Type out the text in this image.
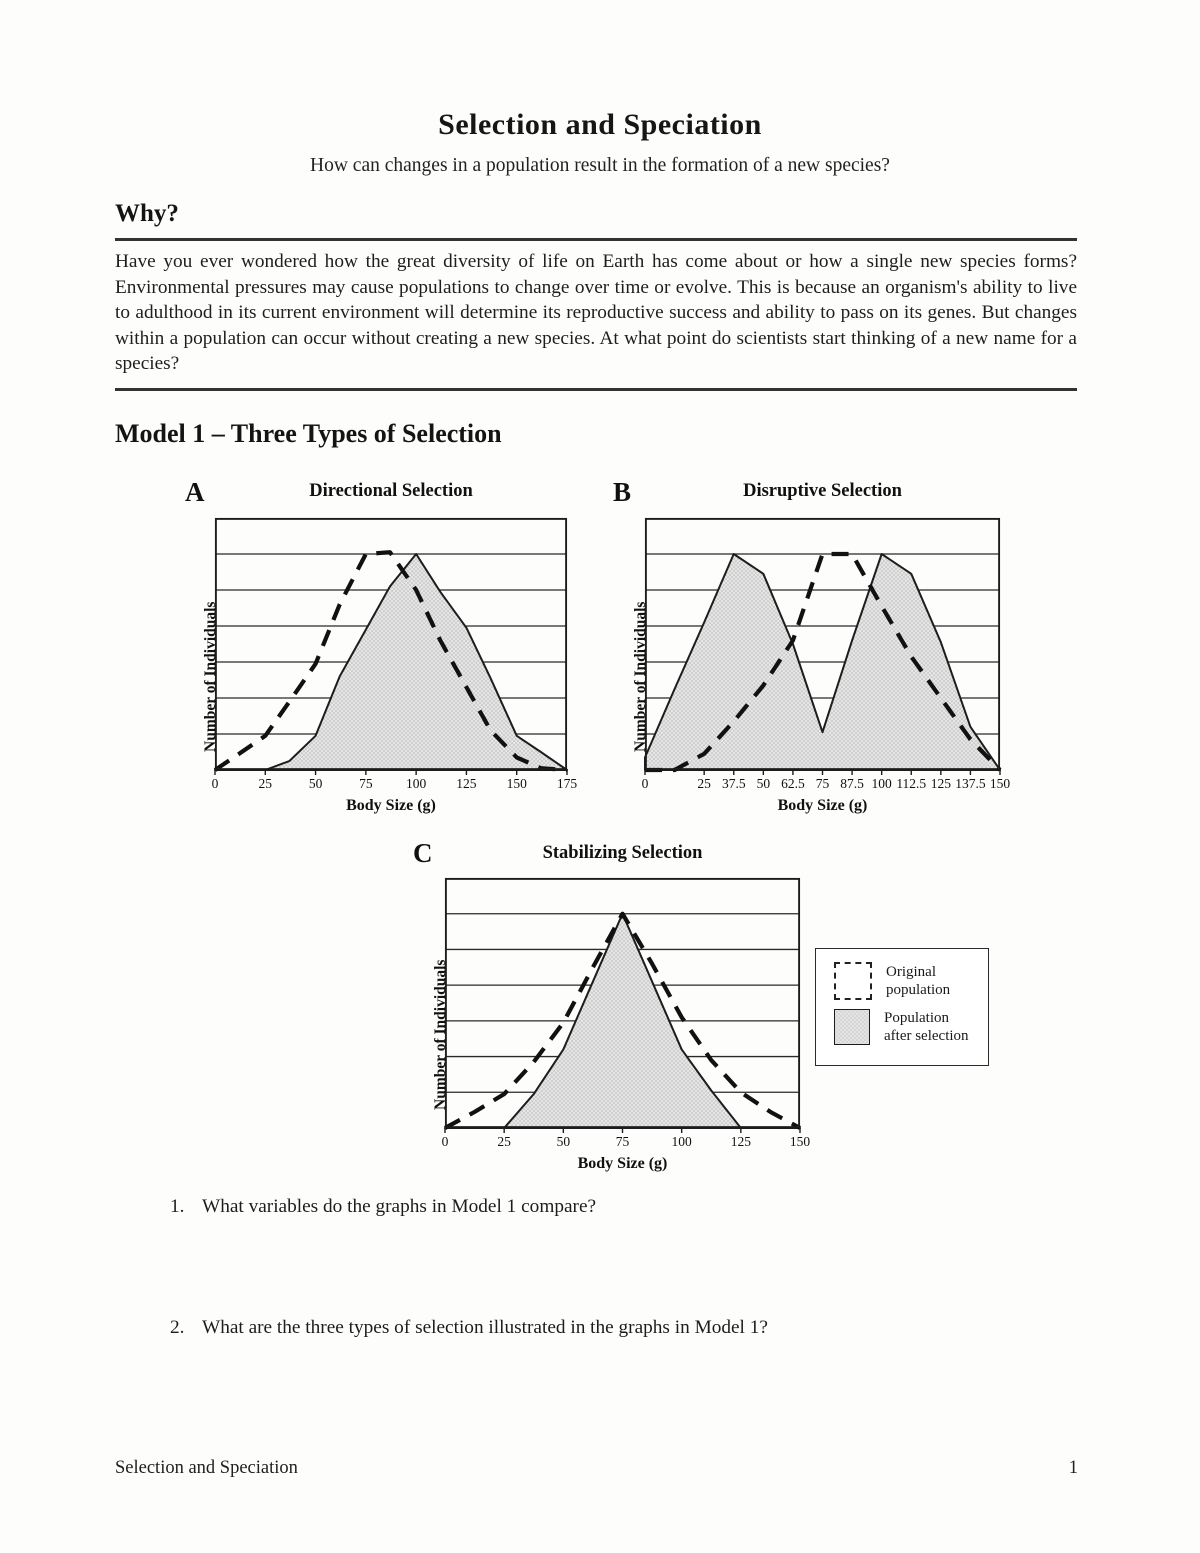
Selection and Speciation
How can changes in a population result in the formation of a new species?
Why?
Have you ever wondered how the great diversity of life on Earth has come about or how a single new species forms? Environmental pressures may cause populations to change over time or evolve. This is because an organism's ability to live to adulthood in its current environment will determine its reproductive success and ability to pass on its genes. But changes within a population can occur without creating a new species. At what point do scientists start thinking of a new name for a species?
Model 1 – Three Types of Selection
A	Directional Selection
Number of Individuals
0	25	50	75 100 125 150 175
Body Size (g)
B	Disruptive Selection
Number of Individuals
0	25 37.5 50 62.5 75 87.5 100 112.5 125 137.5 150
Body Size (g)
C	Stabilizing Selection
Number of Individuals
0	25	50	75	100	125	150
Body Size (g)
Original
population
Population
after selection
1. What variables do the graphs in Model 1 compare?
2. What are the three types of selection illustrated in the graphs in Model 1?
Selection and Speciation	1
